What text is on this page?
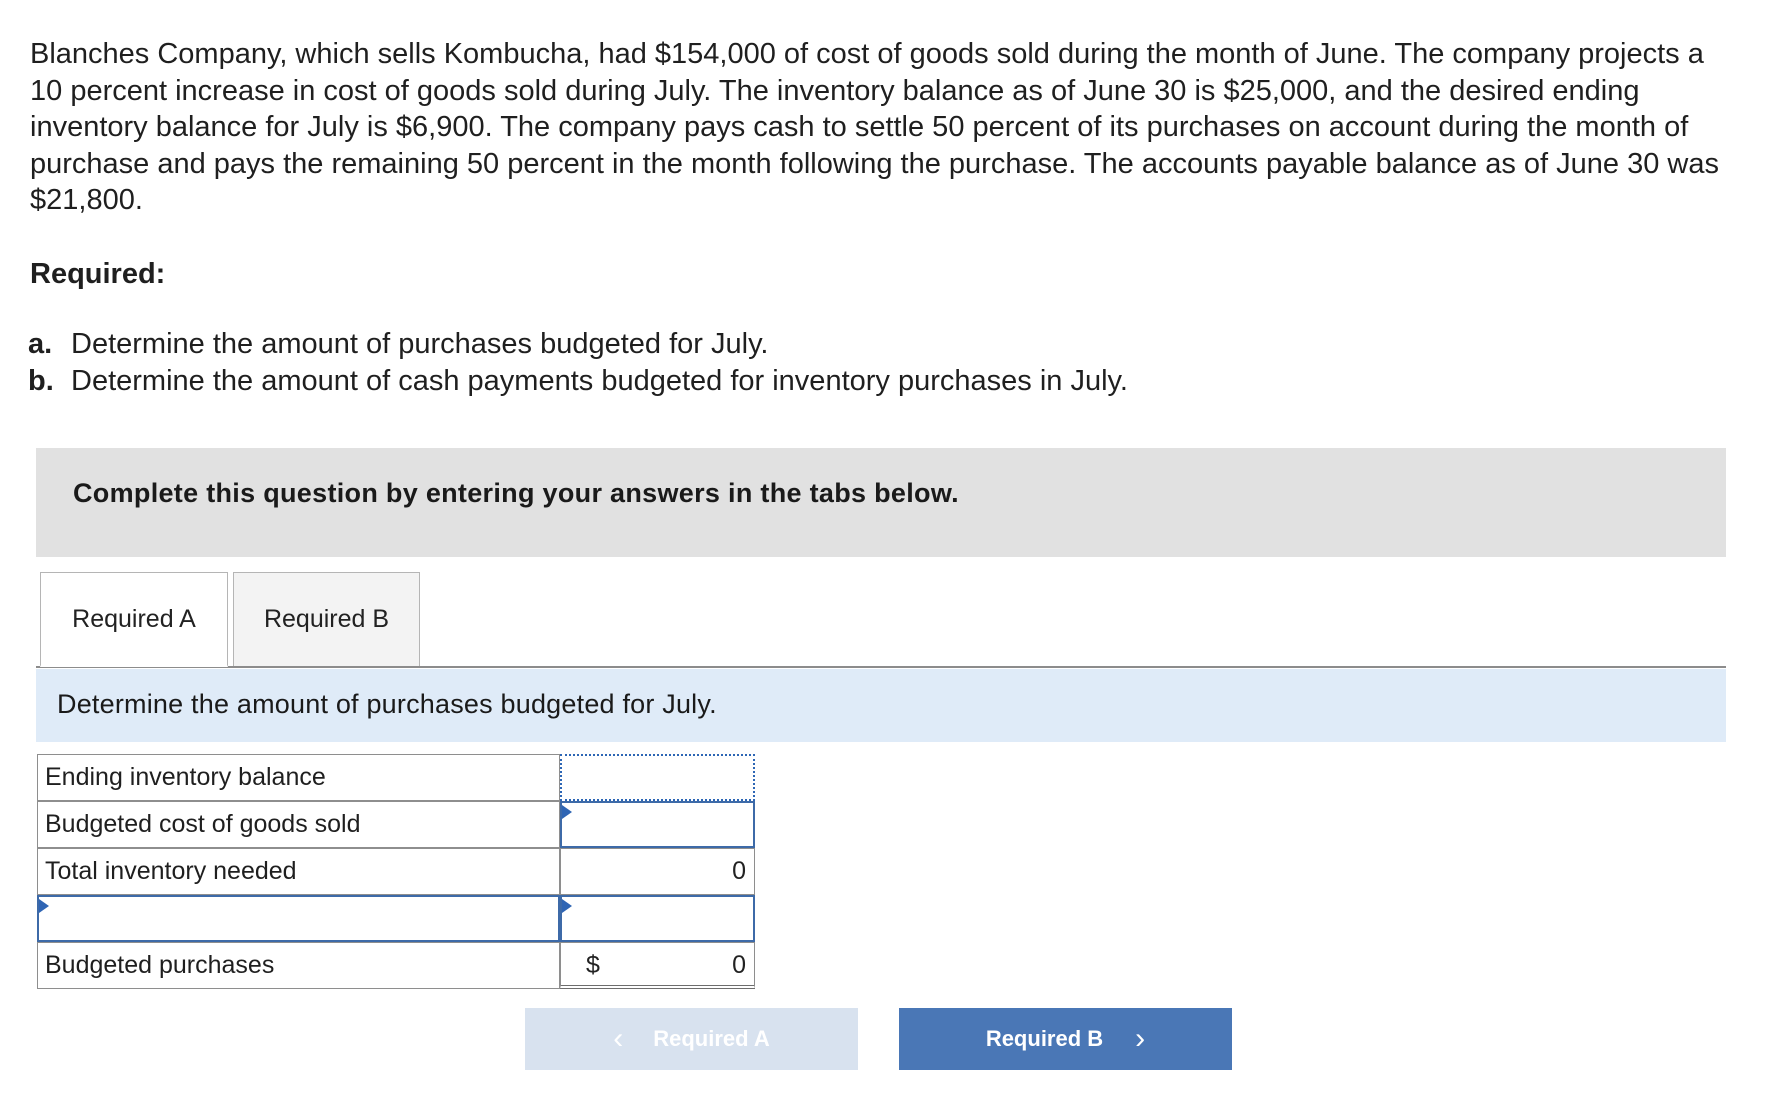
Blanches Company, which sells Kombucha, had $154,000 of cost of goods sold during the month of June. The company projects a 10 percent increase in cost of goods sold during July. The inventory balance as of June 30 is $25,000, and the desired ending inventory balance for July is $6,900. The company pays cash to settle 50 percent of its purchases on account during the month of purchase and pays the remaining 50 percent in the month following the purchase. The accounts payable balance as of June 30 was $21,800.
Required:
a. Determine the amount of purchases budgeted for July.
b. Determine the amount of cash payments budgeted for inventory purchases in July.
Complete this question by entering your answers in the tabs below.
Required A	Required B
Determine the amount of purchases budgeted for July.
Ending inventory balance
Budgeted cost of goods sold
Total inventory needed	0
Budgeted purchases	$	0
‹ Required A	Required B ›
